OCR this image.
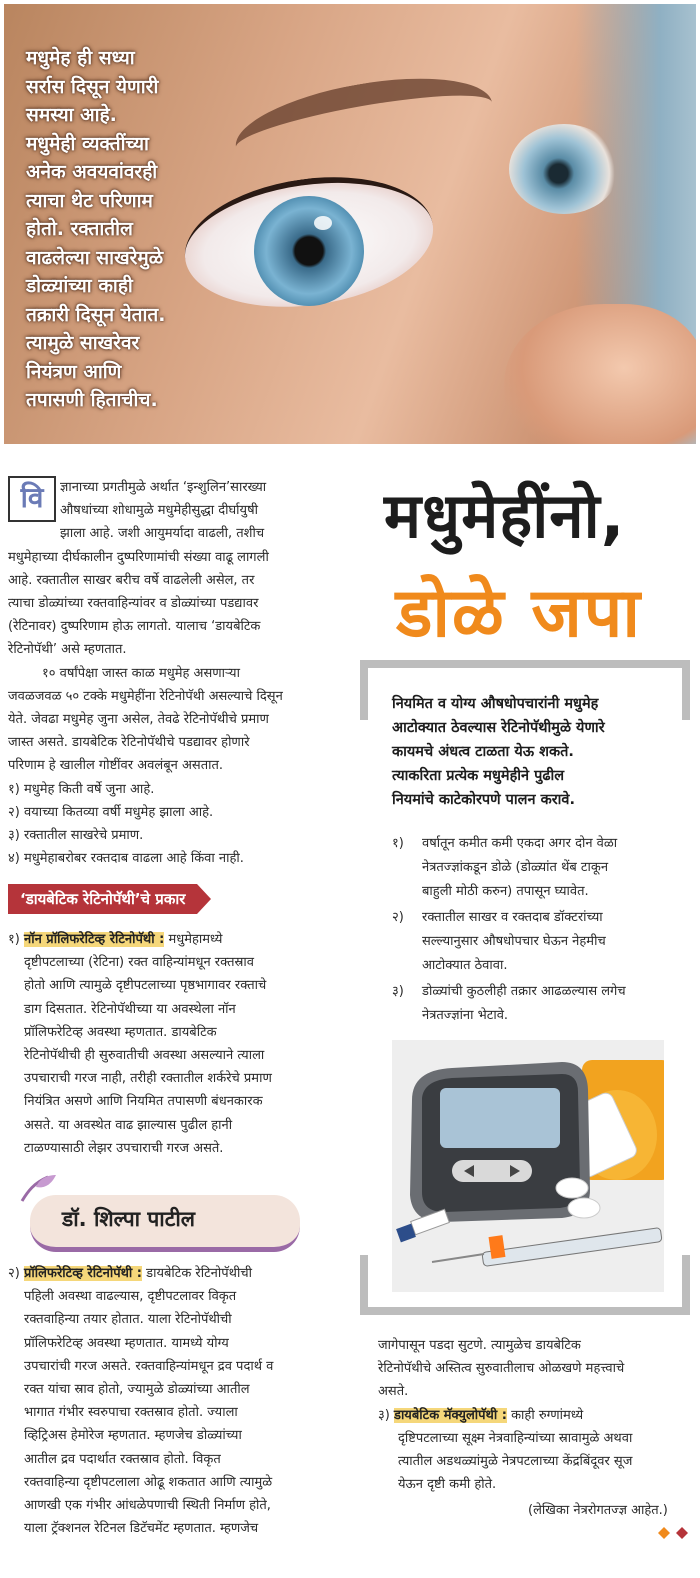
मधुमेह ही सध्या
सर्रास दिसून येणारी
समस्या आहे.
मधुमेही व्यक्तींच्या
अनेक अवयवांवरही
त्याचा थेट परिणाम
होतो. रक्तातील
वाढलेल्या साखरेमुळे
डोळ्यांच्या काही
तक्रारी दिसून येतात.
त्यामुळे साखरेवर
नियंत्रण आणि
तपासणी हिताचीच.
मधुमेहींनो,
डोळे जपा
वि	ज्ञानाच्या प्रगतीमुळे अर्थात ‘इन्शुलिन’सारख्या
औषधांच्या शोधामुळे मधुमेहीसुद्धा दीर्घायुषी
झाला आहे. जशी आयुमर्यादा वाढली, तशीच
मधुमेहाच्या दीर्घकालीन दुष्परिणामांची संख्या वाढू लागली
आहे. रक्तातील साखर बरीच वर्षे वाढलेली असेल, तर
त्याचा डोळ्यांच्या रक्तवाहिन्यांवर व डोळ्यांच्या पडद्यावर
(रेटिनावर) दुष्परिणाम होऊ लागतो. यालाच ‘डायबेटिक
रेटिनोपॅथी’ असे म्हणतात.
१० वर्षांपेक्षा जास्त काळ मधुमेह असणाऱ्या
जवळजवळ ५० टक्के मधुमेहींना रेटिनोपॅथी असल्याचे दिसून
येते. जेवढा मधुमेह जुना असेल, तेवढे रेटिनोपॅथीचे प्रमाण
जास्त असते. डायबेटिक रेटिनोपॅथीचे पडद्यावर होणारे
परिणाम हे खालील गोष्टींवर अवलंबून असतात.
१) मधुमेह किती वर्षे जुना आहे.
२) वयाच्या कितव्या वर्षी मधुमेह झाला आहे.
३) रक्तातील साखरेचे प्रमाण.
४) मधुमेहाबरोबर रक्तदाब वाढला आहे किंवा नाही.
‘डायबेटिक रेटिनोपॅथी’चे प्रकार
१) नॉन प्रॉलिफरेटिव्ह रेटिनोपॅथी : मधुमेहामध्ये
दृष्टीपटलाच्या (रेटिना) रक्त वाहिन्यांमधून रक्तस्राव
होतो आणि त्यामुळे दृष्टीपटलाच्या पृष्ठभागावर रक्ताचे
डाग दिसतात. रेटिनोपॅथीच्या या अवस्थेला नॉन
प्रॉलिफरेटिव्ह अवस्था म्हणतात. डायबेटिक
रेटिनोपॅथीची ही सुरुवातीची अवस्था असल्याने त्याला
उपचाराची गरज नाही, तरीही रक्तातील शर्करेचे प्रमाण
नियंत्रित असणे आणि नियमित तपासणी बंधनकारक
असते. या अवस्थेत वाढ झाल्यास पुढील हानी
टाळण्यासाठी लेझर उपचाराची गरज असते.
डॉ. शिल्पा पाटील
२) प्रॉलिफरेटिव्ह रेटिनोपॅथी : डायबेटिक रेटिनोपॅथीची
पहिली अवस्था वाढल्यास, दृष्टीपटलावर विकृत
रक्तवाहिन्या तयार होतात. याला रेटिनोपॅथीची
प्रॉलिफरेटिव्ह अवस्था म्हणतात. यामध्ये योग्य
उपचारांची गरज असते. रक्तवाहिन्यांमधून द्रव पदार्थ व
रक्त यांचा स्राव होतो, ज्यामुळे डोळ्यांच्या आतील
भागात गंभीर स्वरुपाचा रक्तस्राव होतो. ज्याला
व्हिट्रिअस हेमोरेज म्हणतात. म्हणजेच डोळ्यांच्या
आतील द्रव पदार्थात रक्तस्राव होतो. विकृत
रक्तवाहिन्या दृष्टीपटलाला ओढू शकतात आणि त्यामुळे
आणखी एक गंभीर आंधळेपणाची स्थिती निर्माण होते,
याला ट्रॅक्शनल रेटिनल डिटॅचमेंट म्हणतात. म्हणजेच
नियमित व योग्य औषधोपचारांनी मधुमेह
आटोक्यात ठेवल्यास रेटिनोपॅथीमुळे येणारे
कायमचे अंधत्व टाळता येऊ शकते.
त्याकरिता प्रत्येक मधुमेहीने पुढील
नियमांचे काटेकोरपणे पालन करावे.
१) वर्षातून कमीत कमी एकदा अगर दोन वेळा
नेत्रतज्ज्ञांकडून डोळे (डोळ्यांत थेंब टाकून
बाहुली मोठी करुन) तपासून घ्यावेत.
२) रक्तातील साखर व रक्तदाब डॉक्टरांच्या
सल्ल्यानुसार औषधोपचार घेऊन नेहमीच
आटोक्यात ठेवावा.
३) डोळ्यांची कुठलीही तक्रार आढळल्यास लगेच
नेत्रतज्ज्ञांना भेटावे.
जागेपासून पडदा सुटणे. त्यामुळेच डायबेटिक
रेटिनोपॅथीचे अस्तित्व सुरुवातीलाच ओळखणे महत्त्वाचे
असते.
३) डायबेटिक मॅक्युलोपॅथी : काही रुग्णांमध्ये
दृष्टिपटलाच्या सूक्ष्म नेत्रवाहिन्यांच्या स्रावामुळे अथवा
त्यातील अडथळ्यांमुळे नेत्रपटलाच्या केंद्रबिंदूवर सूज
येऊन दृष्टी कमी होते.
(लेखिका नेत्ररोगतज्ज्ञ आहेत.)
